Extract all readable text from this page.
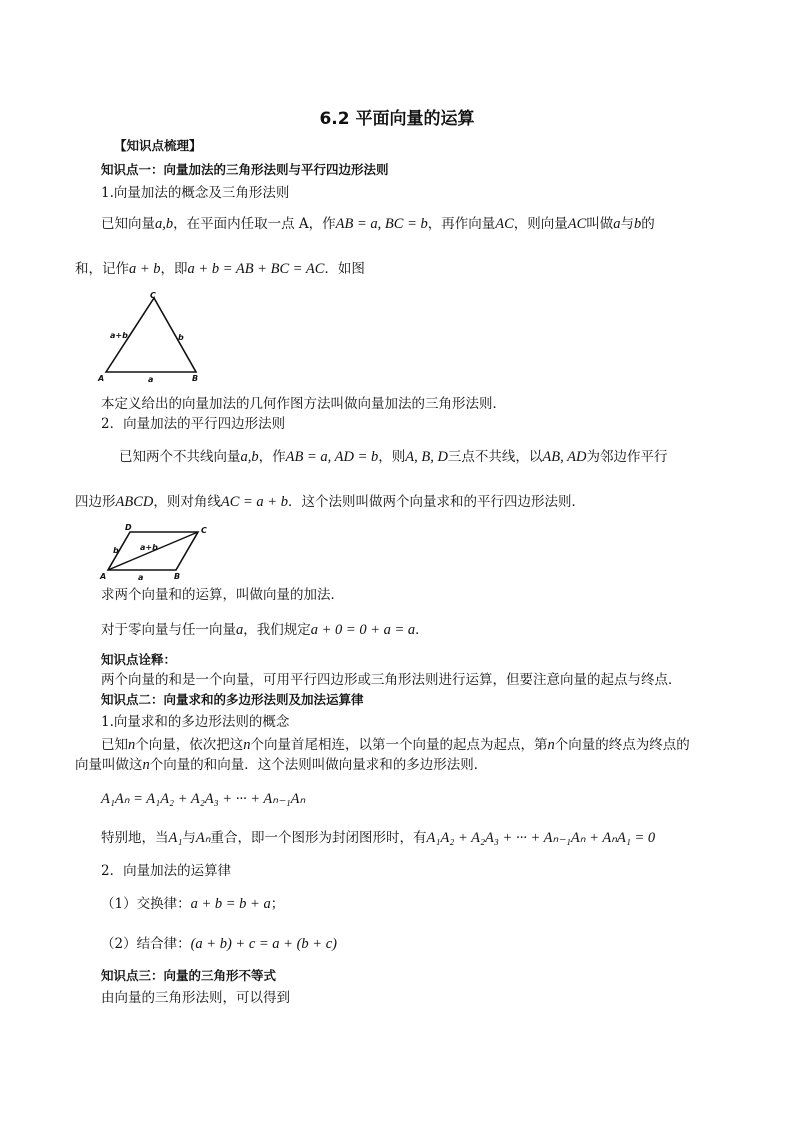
6.2 平面向量的运算
【知识点梳理】
知识点一：向量加法的三角形法则与平行四边形法则
1.向量加法的概念及三角形法则
已知向量a,b，在平面内任取一点 A，作AB = a, BC = b，再作向量AC，则向量AC叫做a与b的
和，记作a + b，即a + b = AB + BC = AC．如图
A	B
C
a
b
a+b
本定义给出的向量加法的几何作图方法叫做向量加法的三角形法则．
2．向量加法的平行四边形法则
已知两个不共线向量a,b，作AB = a, AD = b，则A, B, D三点不共线，以AB, AD为邻边作平行
四边形ABCD，则对角线AC = a + b．这个法则叫做两个向量求和的平行四边形法则．
A	B
C
D
a
b	a+b
求两个向量和的运算，叫做向量的加法．
对于零向量与任一向量a，我们规定a + 0 = 0 + a = a．
知识点诠释：
两个向量的和是一个向量，可用平行四边形或三角形法则进行运算，但要注意向量的起点与终点．
知识点二：向量求和的多边形法则及加法运算律
1.向量求和的多边形法则的概念
已知n个向量，依次把这n个向量首尾相连，以第一个向量的起点为起点，第n个向量的终点为终点的
向量叫做这n个向量的和向量．这个法则叫做向量求和的多边形法则．
A₁Aₙ = A₁A₂ + A₂A₃ + ··· + Aₙ₋₁Aₙ
特别地，当A₁与Aₙ重合，即一个图形为封闭图形时，有A₁A₂ + A₂A₃ + ··· + Aₙ₋₁Aₙ + AₙA₁ = 0
2．向量加法的运算律
（1）交换律：a + b = b + a；
（2）结合律：(a + b) + c = a + (b + c)
知识点三：向量的三角形不等式
由向量的三角形法则，可以得到
